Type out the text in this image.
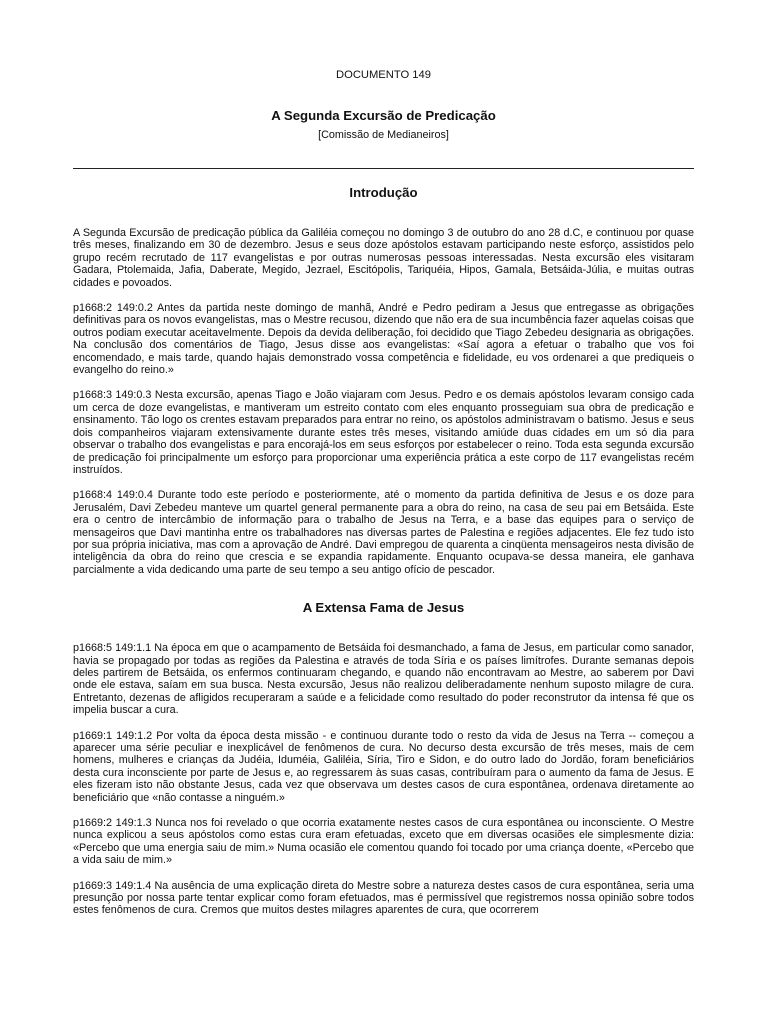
DOCUMENTO 149
A Segunda Excursão de Predicação
[Comissão de Medianeiros]
Introdução

A Segunda Excursão de predicação pública da Galiléia começou no domingo 3 de outubro do ano 28 d.C, e continuou por quase três meses, finalizando em 30 de dezembro. Jesus e seus doze apóstolos estavam participando neste esforço, assistidos pelo grupo recém recrutado de 117 evangelistas e por outras numerosas pessoas interessadas. Nesta excursão eles visitaram Gadara, Ptolemaida, Jafia, Daberate, Megido, Jezrael, Escitópolis, Tariquéia, Hipos, Gamala, Betsáida-Júlia, e muitas outras cidades e povoados.

p1668:2 149:0.2 Antes da partida neste domingo de manhã, André e Pedro pediram a Jesus que entregasse as obrigações definitivas para os novos evangelistas, mas o Mestre recusou, dizendo que não era de sua incumbência fazer aquelas coisas que outros podiam executar aceitavelmente. Depois da devida deliberação, foi decidido que Tiago Zebedeu designaria as obrigações. Na conclusão dos comentários de Tiago, Jesus disse aos evangelistas: «Saí agora a efetuar o trabalho que vos foi encomendado, e mais tarde, quando hajais demonstrado vossa competência e fidelidade, eu vos ordenarei a que prediqueis o evangelho do reino.»

p1668:3 149:0.3 Nesta excursão, apenas Tiago e João viajaram com Jesus. Pedro e os demais apóstolos levaram consigo cada um cerca de doze evangelistas, e mantiveram um estreito contato com eles enquanto prosseguiam sua obra de predicação e ensinamento. Tão logo os crentes estavam preparados para entrar no reino, os apóstolos administravam o batismo. Jesus e seus dois companheiros viajaram extensivamente durante estes três meses, visitando amiúde duas cidades em um só dia para observar o trabalho dos evangelistas e para encorajá-los em seus esforços por estabelecer o reino. Toda esta segunda excursão de predicação foi principalmente um esforço para proporcionar uma experiência prática a este corpo de 117 evangelistas recém instruídos.

p1668:4 149:0.4 Durante todo este período e posteriormente, até o momento da partida definitiva de Jesus e os doze para Jerusalém, Davi Zebedeu manteve um quartel general permanente para a obra do reino, na casa de seu pai em Betsáida. Este era o centro de intercâmbio de informação para o trabalho de Jesus na Terra, e a base das equipes para o serviço de mensageiros que Davi mantinha entre os trabalhadores nas diversas partes de Palestina e regiões adjacentes. Ele fez tudo isto por sua própria iniciativa, mas com a aprovação de André. Davi empregou de quarenta a cinqüenta mensageiros nesta divisão de inteligência da obra do reino que crescia e se expandia rapidamente. Enquanto ocupava-se dessa maneira, ele ganhava parcialmente a vida dedicando uma parte de seu tempo a seu antigo ofício de pescador.

A Extensa Fama de Jesus

p1668:5 149:1.1 Na época em que o acampamento de Betsáida foi desmanchado, a fama de Jesus, em particular como sanador, havia se propagado por todas as regiões da Palestina e através de toda Síria e os países limítrofes. Durante semanas depois deles partirem de Betsáida, os enfermos continuaram chegando, e quando não encontravam ao Mestre, ao saberem por Davi onde ele estava, saíam em sua busca. Nesta excursão, Jesus não realizou deliberadamente nenhum suposto milagre de cura. Entretanto, dezenas de afligidos recuperaram a saúde e a felicidade como resultado do poder reconstrutor da intensa fé que os impelia buscar a cura.

p1669:1 149:1.2 Por volta da época desta missão - e continuou durante todo o resto da vida de Jesus na Terra -- começou a aparecer uma série peculiar e inexplicável de fenômenos de cura. No decurso desta excursão de três meses, mais de cem homens, mulheres e crianças da Judéia, Iduméia, Galiléia, Síria, Tiro e Sidon, e do outro lado do Jordão, foram beneficiários desta cura inconsciente por parte de Jesus e, ao regressarem às suas casas, contribuíram para o aumento da fama de Jesus. E eles fizeram isto não obstante Jesus, cada vez que observava um destes casos de cura espontânea, ordenava diretamente ao beneficiário que «não contasse a ninguém.»

p1669:2 149:1.3 Nunca nos foi revelado o que ocorria exatamente nestes casos de cura espontânea ou inconsciente. O Mestre nunca explicou a seus apóstolos como estas cura eram efetuadas, exceto que em diversas ocasiões ele simplesmente dizia: «Percebo que uma energia saiu de mim.» Numa ocasião ele comentou quando foi tocado por uma criança doente, «Percebo que a vida saiu de mim.»

p1669:3 149:1.4 Na ausência de uma explicação direta do Mestre sobre a natureza destes casos de cura espontânea, seria uma presunção por nossa parte tentar explicar como foram efetuados, mas é permissível que registremos nossa opinião sobre todos estes fenômenos de cura. Cremos que muitos destes milagres aparentes de cura, que ocorrerem
